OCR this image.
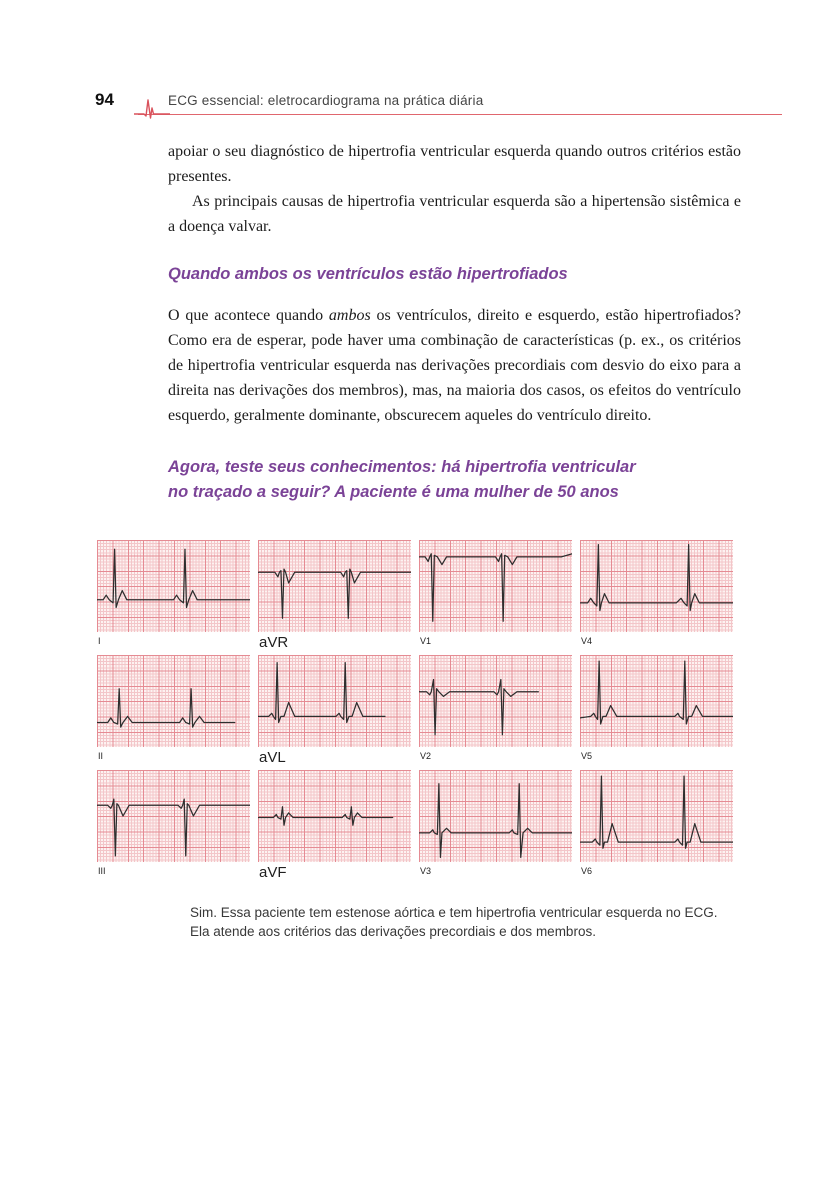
94	ECG essencial: eletrocardiograma na prática diária

apoiar o seu diagnóstico de hipertrofia ventricular esquerda quando outros critérios estão presentes.

As principais causas de hipertrofia ventricular esquerda são a hipertensão sistêmica e a doença valvar.

Quando ambos os ventrículos estão hipertrofiados

O que acontece quando ambos os ventrículos, direito e esquerdo, estão hipertrofiados? Como era de esperar, pode haver uma combinação de características (p. ex., os critérios de hipertrofia ventricular esquerda nas derivações precordiais com desvio do eixo para a direita nas derivações dos membros), mas, na maioria dos casos, os efeitos do ventrículo esquerdo, geralmente dominante, obscurecem aqueles do ventrículo direito.

Agora, teste seus conhecimentos: há hipertrofia ventricular
no traçado a seguir? A paciente é uma mulher de 50 anos
I	aVR	V1	V4
II	aVL	V2	V5
III	aVF	V3	V6

Sim. Essa paciente tem estenose aórtica e tem hipertrofia ventricular esquerda no ECG. Ela atende aos critérios das derivações precordiais e dos membros.
